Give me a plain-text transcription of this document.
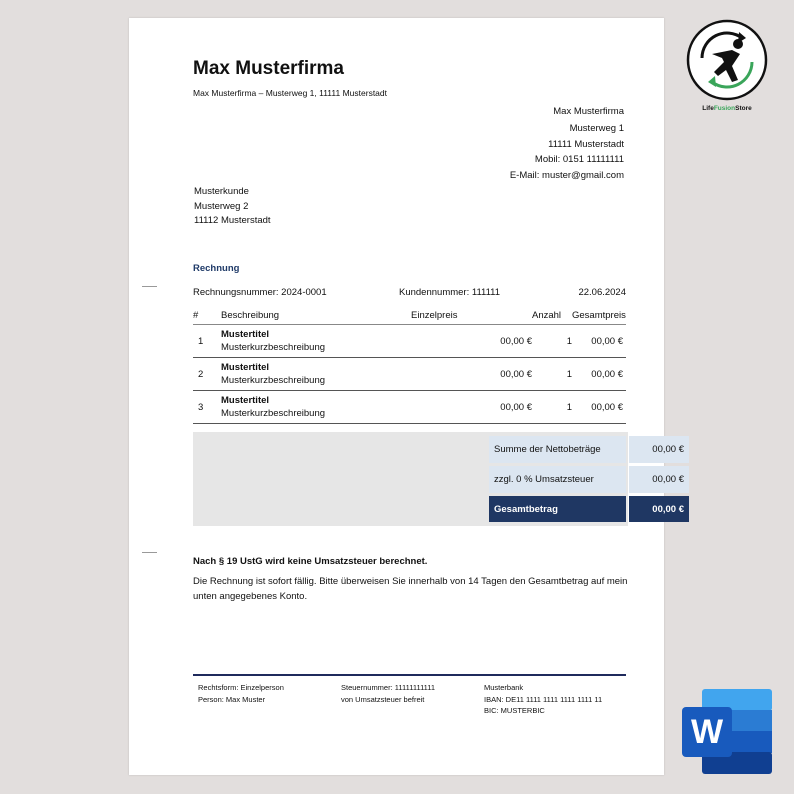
Max Musterfirma
Max Musterfirma – Musterweg 1, 11111 Musterstadt
Max Musterfirma
Musterweg 1
11111 Musterstadt
Mobil: 0151 11111111
E-Mail: muster@gmail.com
Musterkunde
Musterweg 2
11112 Musterstadt
Rechnung
Rechnungsnummer: 2024-0001	Kundennummer: 111111	22.06.2024
#	Beschreibung	Einzelpreis	Anzahl	Gesamtpreis
1	Mustertitel
Musterkurzbeschreibung	00,00 €	1	00,00 €
2	Mustertitel
Musterkurzbeschreibung	00,00 €	1	00,00 €
3	Mustertitel
Musterkurzbeschreibung	00,00 €	1	00,00 €
Summe der Nettobeträge	00,00 €
zzgl. 0 % Umsatzsteuer	00,00 €
Gesamtbetrag	00,00 €
Nach § 19 UstG wird keine Umsatzsteuer berechnet.
Die Rechnung ist sofort fällig. Bitte überweisen Sie innerhalb von 14 Tagen den Gesamtbetrag auf mein unten angegebenes Konto.
Rechtsform: Einzelperson
Person: Max Muster
Steuernummer: 11111111111
von Umsatzsteuer befreit
Musterbank
IBAN: DE11 1111 1111 1111 1111 11
BIC: MUSTERBIC
LifeFusionStore
W
